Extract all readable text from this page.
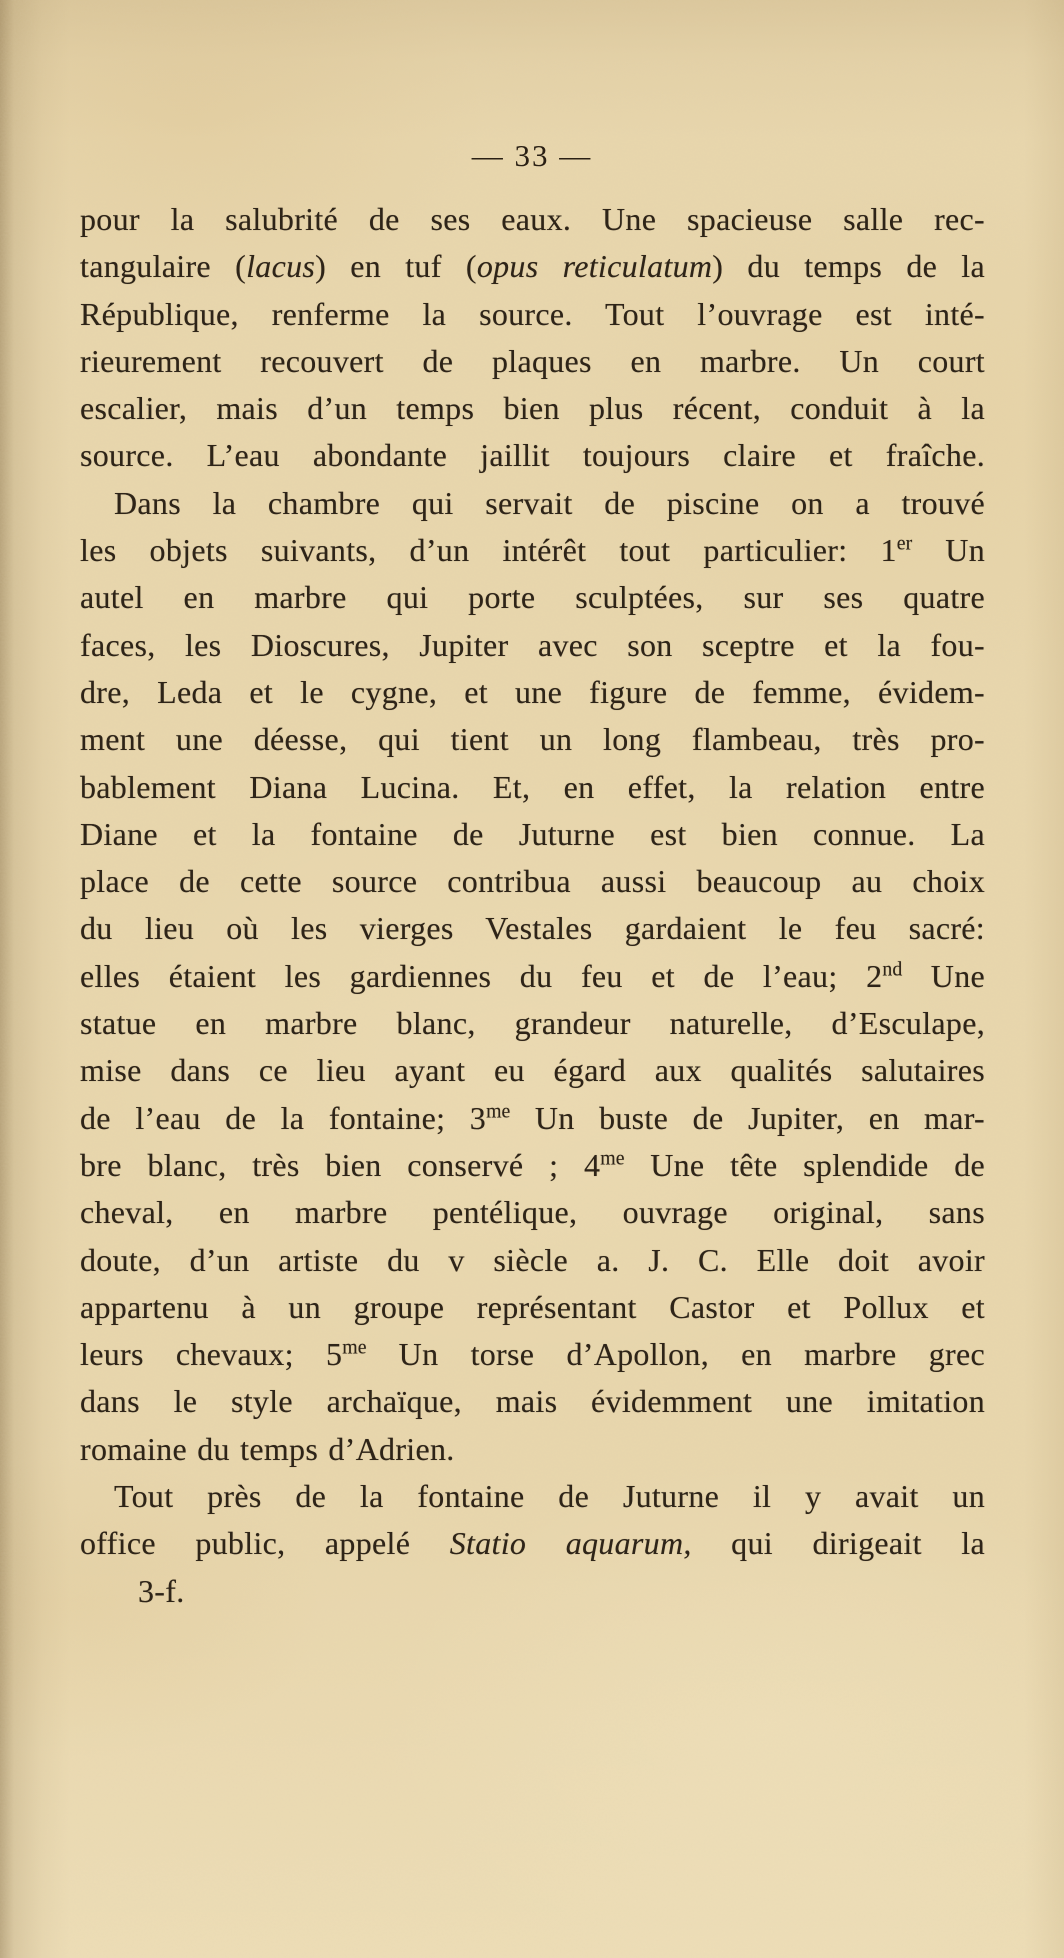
— 33 —
pour la salubrité de ses eaux. Une spacieuse salle rec-
tangulaire (lacus) en tuf (opus reticulatum) du temps de la
République, renferme la source. Tout l’ouvrage est inté-
rieurement recouvert de plaques en marbre. Un court
escalier, mais d’un temps bien plus récent, conduit à la
source. L’eau abondante jaillit toujours claire et fraîche.
Dans la chambre qui servait de piscine on a trouvé
les objets suivants, d’un intérêt tout particulier: 1er Un
autel en marbre qui porte sculptées, sur ses quatre
faces, les Dioscures, Jupiter avec son sceptre et la fou-
dre, Leda et le cygne, et une figure de femme, évidem-
ment une déesse, qui tient un long flambeau, très pro-
bablement Diana Lucina. Et, en effet, la relation entre
Diane et la fontaine de Juturne est bien connue. La
place de cette source contribua aussi beaucoup au choix
du lieu où les vierges Vestales gardaient le feu sacré:
elles étaient les gardiennes du feu et de l’eau; 2nd Une
statue en marbre blanc, grandeur naturelle, d’Esculape,
mise dans ce lieu ayant eu égard aux qualités salutaires
de l’eau de la fontaine; $3^{me}$ Un buste de Jupiter, en mar-
bre blanc, très bien conservé ; $4^{me}$ Une tête splendide de
cheval, en marbre pentélique, ouvrage original, sans
doute, d’un artiste du v siècle a. J. C. Elle doit avoir
appartenu à un groupe représentant Castor et Pollux et
leurs chevaux; $5^{me}$ Un torse d’Apollon, en marbre grec
dans le style archaïque, mais évidemment une imitation
romaine du temps d’Adrien.
Tout près de la fontaine de Juturne il y avait un
office public, appelé Statio aquarum, qui dirigeait la
3-f.
